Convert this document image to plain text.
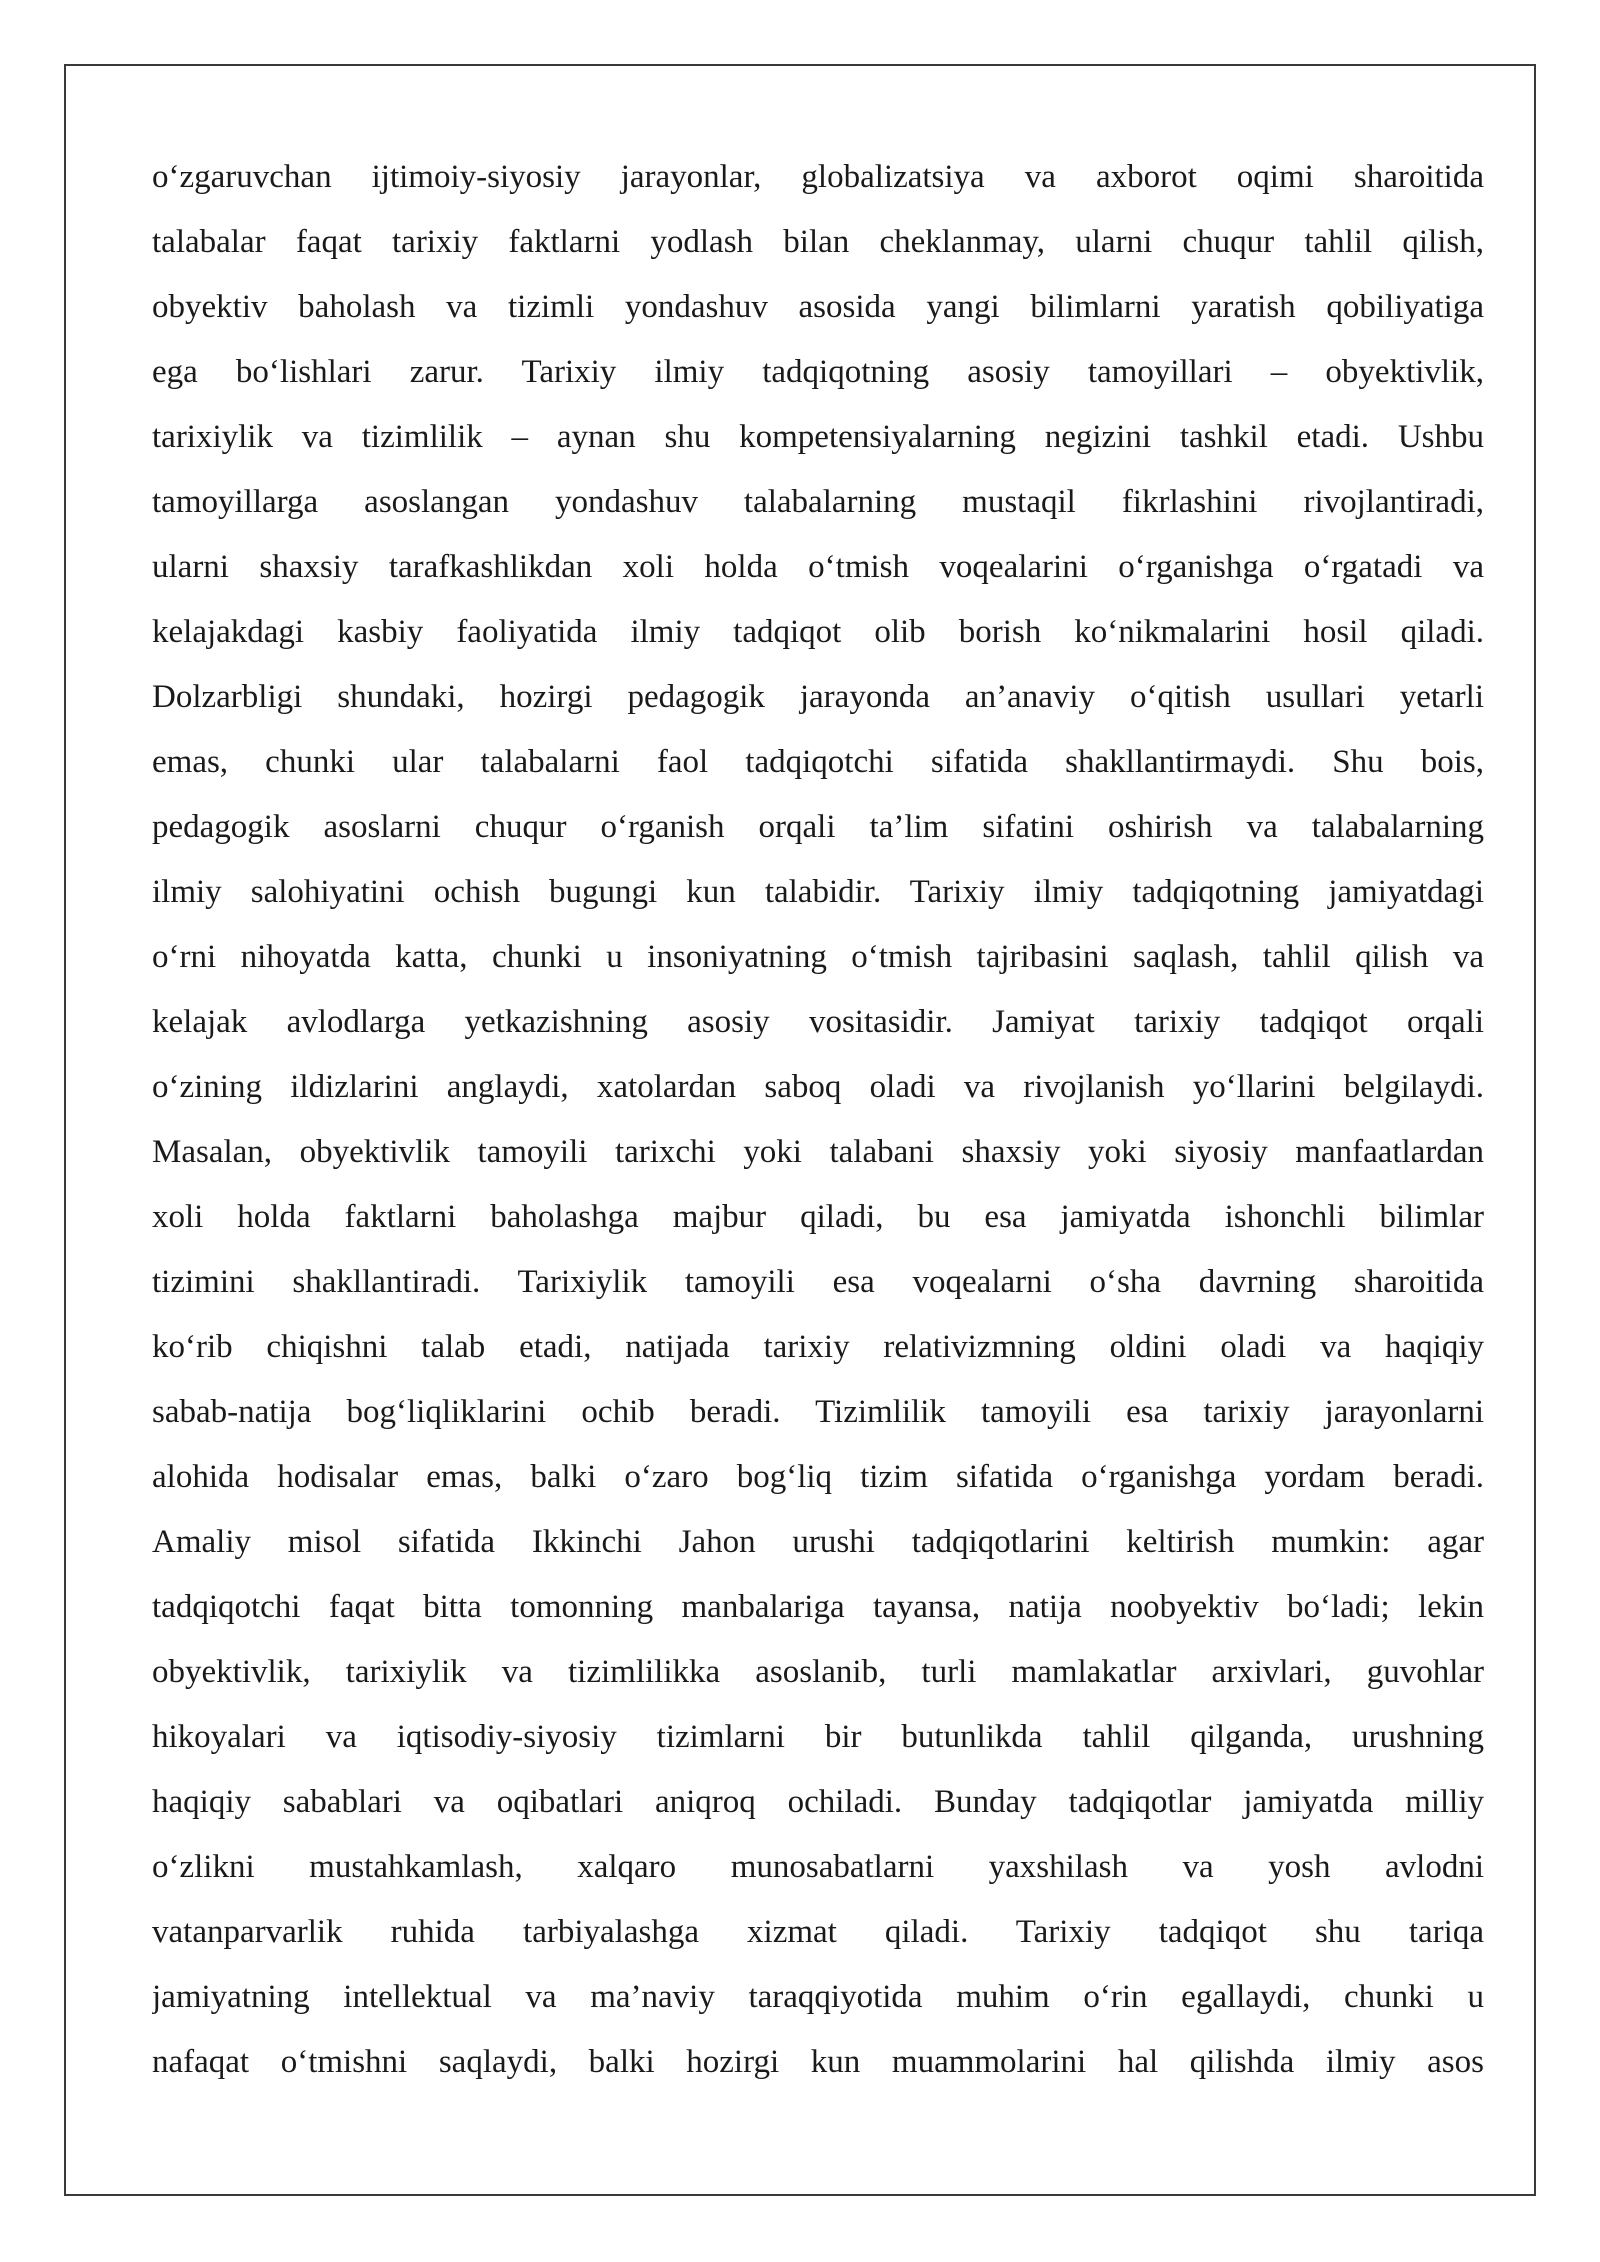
o‘zgaruvchan ijtimoiy-siyosiy jarayonlar, globalizatsiya va axborot oqimi sharoitida
talabalar faqat tarixiy faktlarni yodlash bilan cheklanmay, ularni chuqur tahlil qilish,
obyektiv baholash va tizimli yondashuv asosida yangi bilimlarni yaratish qobiliyatiga
ega bo‘lishlari zarur. Tarixiy ilmiy tadqiqotning asosiy tamoyillari – obyektivlik,
tarixiylik va tizimlilik – aynan shu kompetensiyalarning negizini tashkil etadi. Ushbu
tamoyillarga asoslangan yondashuv talabalarning mustaqil fikrlashini rivojlantiradi,
ularni shaxsiy tarafkashlikdan xoli holda o‘tmish voqealarini o‘rganishga o‘rgatadi va
kelajakdagi kasbiy faoliyatida ilmiy tadqiqot olib borish ko‘nikmalarini hosil qiladi.
Dolzarbligi shundaki, hozirgi pedagogik jarayonda an’anaviy o‘qitish usullari yetarli
emas, chunki ular talabalarni faol tadqiqotchi sifatida shakllantirmaydi. Shu bois,
pedagogik asoslarni chuqur o‘rganish orqali ta’lim sifatini oshirish va talabalarning
ilmiy salohiyatini ochish bugungi kun talabidir. Tarixiy ilmiy tadqiqotning jamiyatdagi
o‘rni nihoyatda katta, chunki u insoniyatning o‘tmish tajribasini saqlash, tahlil qilish va
kelajak avlodlarga yetkazishning asosiy vositasidir. Jamiyat tarixiy tadqiqot orqali
o‘zining ildizlarini anglaydi, xatolardan saboq oladi va rivojlanish yo‘llarini belgilaydi.
Masalan, obyektivlik tamoyili tarixchi yoki talabani shaxsiy yoki siyosiy manfaatlardan
xoli holda faktlarni baholashga majbur qiladi, bu esa jamiyatda ishonchli bilimlar
tizimini shakllantiradi. Tarixiylik tamoyili esa voqealarni o‘sha davrning sharoitida
ko‘rib chiqishni talab etadi, natijada tarixiy relativizmning oldini oladi va haqiqiy
sabab-natija bog‘liqliklarini ochib beradi. Tizimlilik tamoyili esa tarixiy jarayonlarni
alohida hodisalar emas, balki o‘zaro bog‘liq tizim sifatida o‘rganishga yordam beradi.
Amaliy misol sifatida Ikkinchi Jahon urushi tadqiqotlarini keltirish mumkin: agar
tadqiqotchi faqat bitta tomonning manbalariga tayansa, natija noobyektiv bo‘ladi; lekin
obyektivlik, tarixiylik va tizimlilikka asoslanib, turli mamlakatlar arxivlari, guvohlar
hikoyalari va iqtisodiy-siyosiy tizimlarni bir butunlikda tahlil qilganda, urushning
haqiqiy sabablari va oqibatlari aniqroq ochiladi. Bunday tadqiqotlar jamiyatda milliy
o‘zlikni mustahkamlash, xalqaro munosabatlarni yaxshilash va yosh avlodni
vatanparvarlik ruhida tarbiyalashga xizmat qiladi. Tarixiy tadqiqot shu tariqa
jamiyatning intellektual va ma’naviy taraqqiyotida muhim o‘rin egallaydi, chunki u
nafaqat o‘tmishni saqlaydi, balki hozirgi kun muammolarini hal qilishda ilmiy asos
